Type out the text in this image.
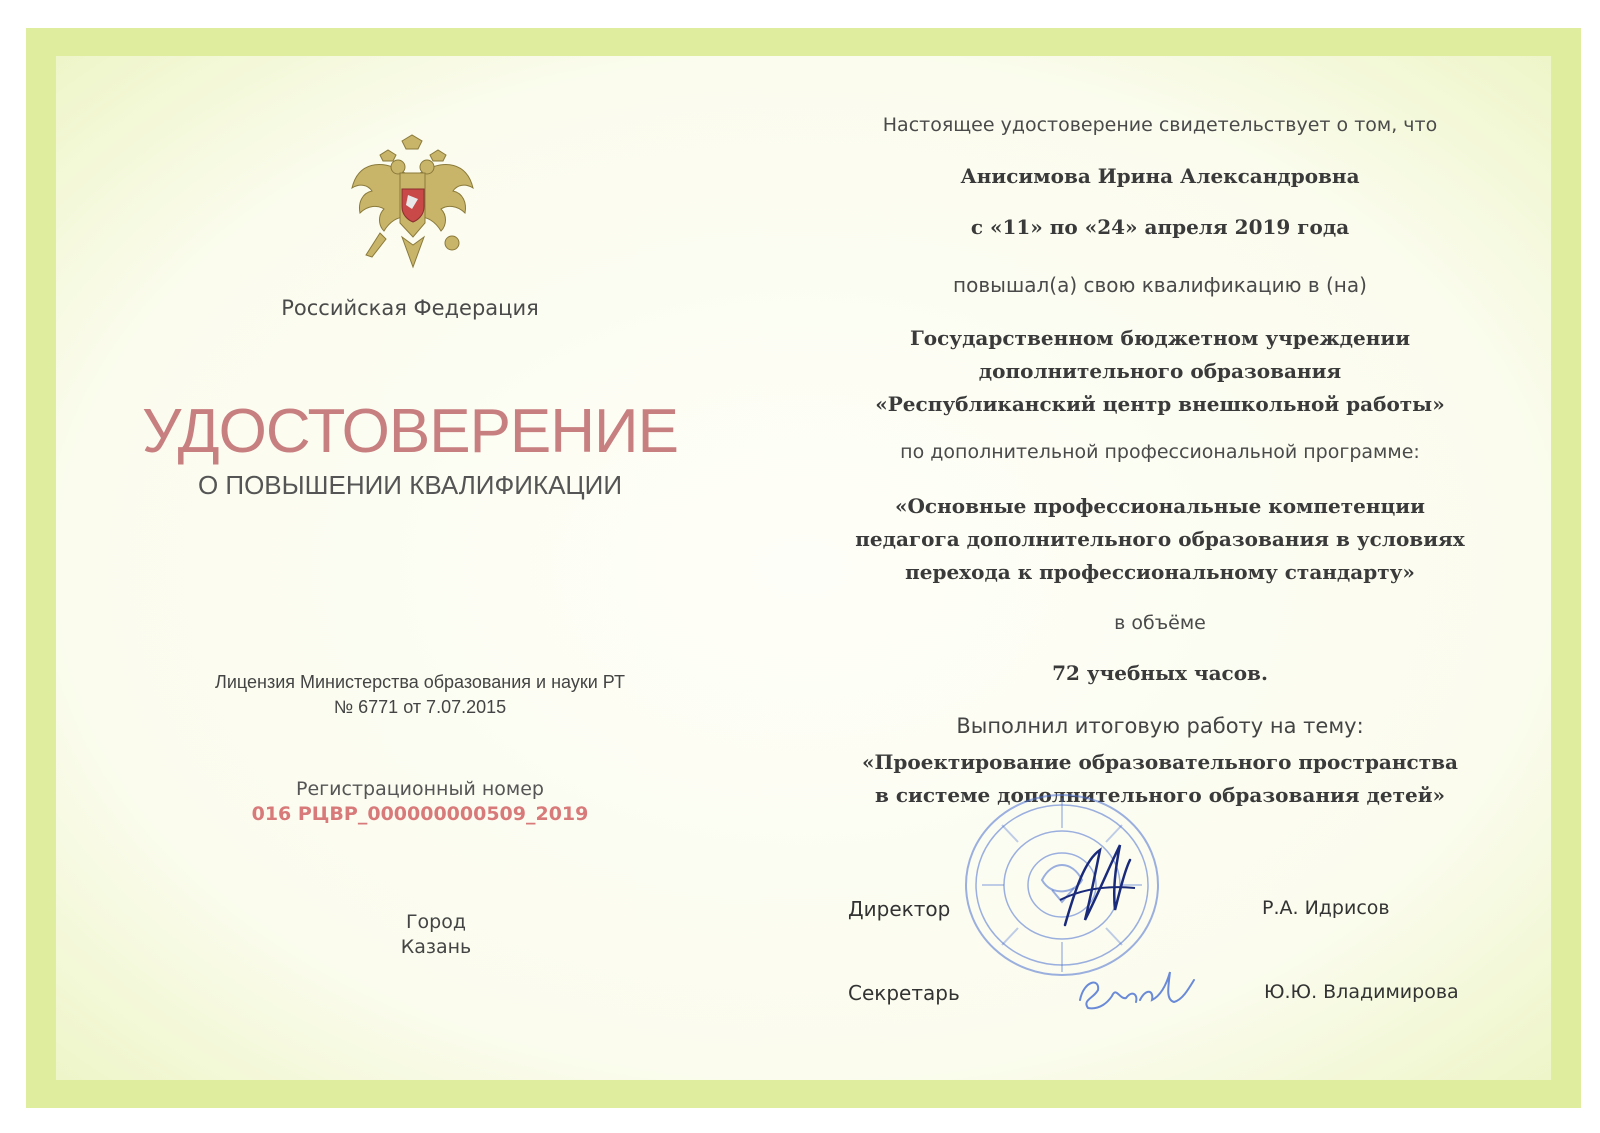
Российская Федерация
УДОСТОВЕРЕНИЕ
О ПОВЫШЕНИИ КВАЛИФИКАЦИИ
Лицензия Министерства образования и науки РТ
№ 6771 от 7.07.2015
Регистрационный номер
016 РЦВР_000000000509_2019
Город
Казань
Настоящее удостоверение свидетельствует о том, что
Анисимова Ирина Александровна
с «11» по «24» апреля 2019 года
повышал(а) свою квалификацию в (на)
Государственном бюджетном учреждении
дополнительного образования
«Республиканский центр внешкольной работы»
по дополнительной профессиональной программе:
«Основные профессиональные компетенции
педагога дополнительного образования в условиях
перехода к профессиональному стандарту»
в объёме
72 учебных часов.
Выполнил итоговую работу на тему:
«Проектирование образовательного пространства
в системе дополнительного образования детей»
Влад
Директор	Р.А. Идрисов
Секретарь	Ю.Ю. Владимирова
